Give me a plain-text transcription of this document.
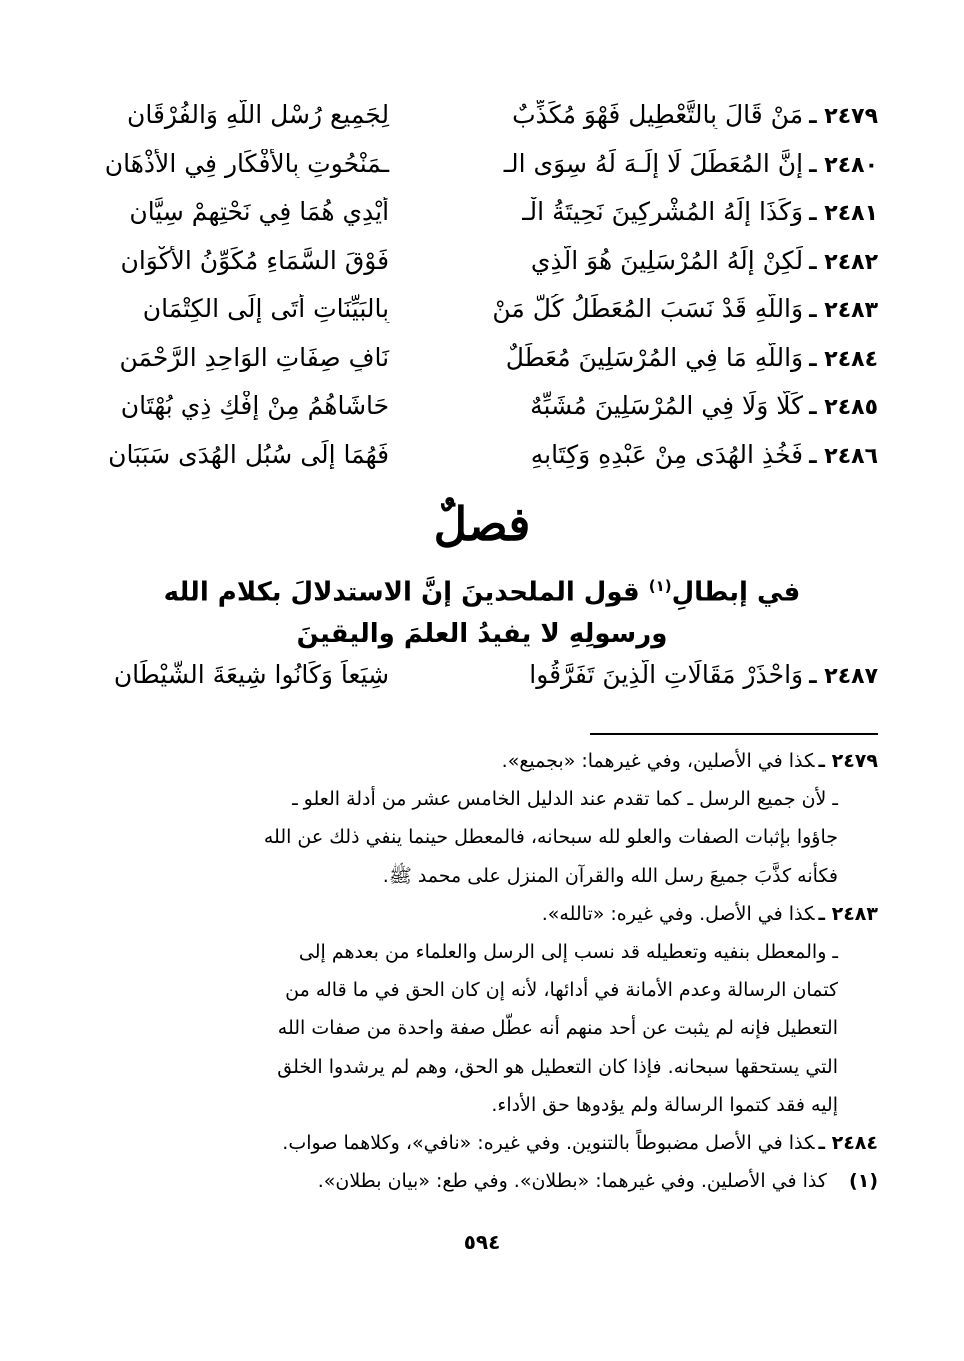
٢٤٧٩ ـ
مَنْ قَالَ بِالتَّعْطِيلِ فَهْوَ مُكَذِّبٌ
لِجَمِيعِ رُسْلِ اللَّهِ وَالفُرْقَانِ
٢٤٨٠ ـ
إِنَّ المُعَطِّلَ لَا إِلَـهَ لَهُ سِوَى الـ
ـمَنْحُوتِ بِالأَفْكَارِ فِي الأَذْهَانِ
٢٤٨١ ـ
وَكَذَا إِلَهُ المُشْرِكِينَ نَحِيتَةُ الْـ
أَيْدِي هُمَا فِي نَحْتِهِمْ سِيَّانِ
٢٤٨٢ ـ
لَكِنْ إِلَهُ المُرْسَلِينَ هُوَ الَّذِي
فَوْقَ السَّمَاءِ مُكَوِّنُ الأَكْوَانِ
٢٤٨٣ ـ
وَاللَّهِ قَدْ نَسَبَ المُعَطِّلُ كُلَّ مَنْ
بِالبَيِّنَاتِ أَتَى إِلَى الكِتْمَانِ
٢٤٨٤ ـ
وَاللَّهِ مَا فِي المُرْسَلِينَ مُعَطِّلٌ
نَافٍ صِفَاتِ الوَاحِدِ الرَّحْمَنِ
٢٤٨٥ ـ
كَلَّا وَلَا فِي المُرْسَلِينَ مُشَبِّهٌ
حَاشَاهُمُ مِنْ إِفْكِ ذِي بُهْتَانِ
٢٤٨٦ ـ
فَخُذِ الهُدَى مِنْ عَبْدِهِ وَكِتَابِهِ
فَهُمَا إِلَى سُبُلِ الهُدَى سَبَبَانِ
فصلٌ
في إبطالِ$^{(١)}$ قول الملحدينَ إنَّ الاستدلالَ بكلام الله
ورسولِهِ لا يفيدُ العلمَ واليقينَ
٢٤٨٧ ـ
وَاحْذَرْ مَقَالَاتِ الَّذِينَ تَفَرَّقُوا
شِيَعاً وَكَانُوا شِيعَةَ الشَّيْطَانِ
٢٤٧٩ ـكذا في الأصلين، وفي غيرهما: «بجميع».
ـ لأن جميع الرسل ـ كما تقدم عند الدليل الخامس عشر من أدلة العلو ـ
جاؤوا بإثبات الصفات والعلو لله سبحانه، فالمعطل حينما ينفي ذلك عن الله
فكأنه كذَّبَ جميعَ رسل الله والقرآن المنزل على محمد ﷺ.
٢٤٨٣ ـكذا في الأصل. وفي غيره: «تالله».
ـ والمعطل بنفيه وتعطيله قد نسب إلى الرسل والعلماء من بعدهم إلى
كتمان الرسالة وعدم الأمانة في أدائها، لأنه إن كان الحق في ما قاله من
التعطيل فإنه لم يثبت عن أحد منهم أنه عطّل صفة واحدة من صفات الله
التي يستحقها سبحانه. فإذا كان التعطيل هو الحق، وهم لم يرشدوا الخلق
إليه فقد كتموا الرسالة ولم يؤدوها حق الأداء.
٢٤٨٤ ـكذا في الأصل مضبوطاً بالتنوين. وفي غيره: «نافي»، وكلاهما صواب.
(١)   كذا في الأصلين. وفي غيرهما: «بطلان». وفي طع: «بيان بطلان».
٥٩٤
